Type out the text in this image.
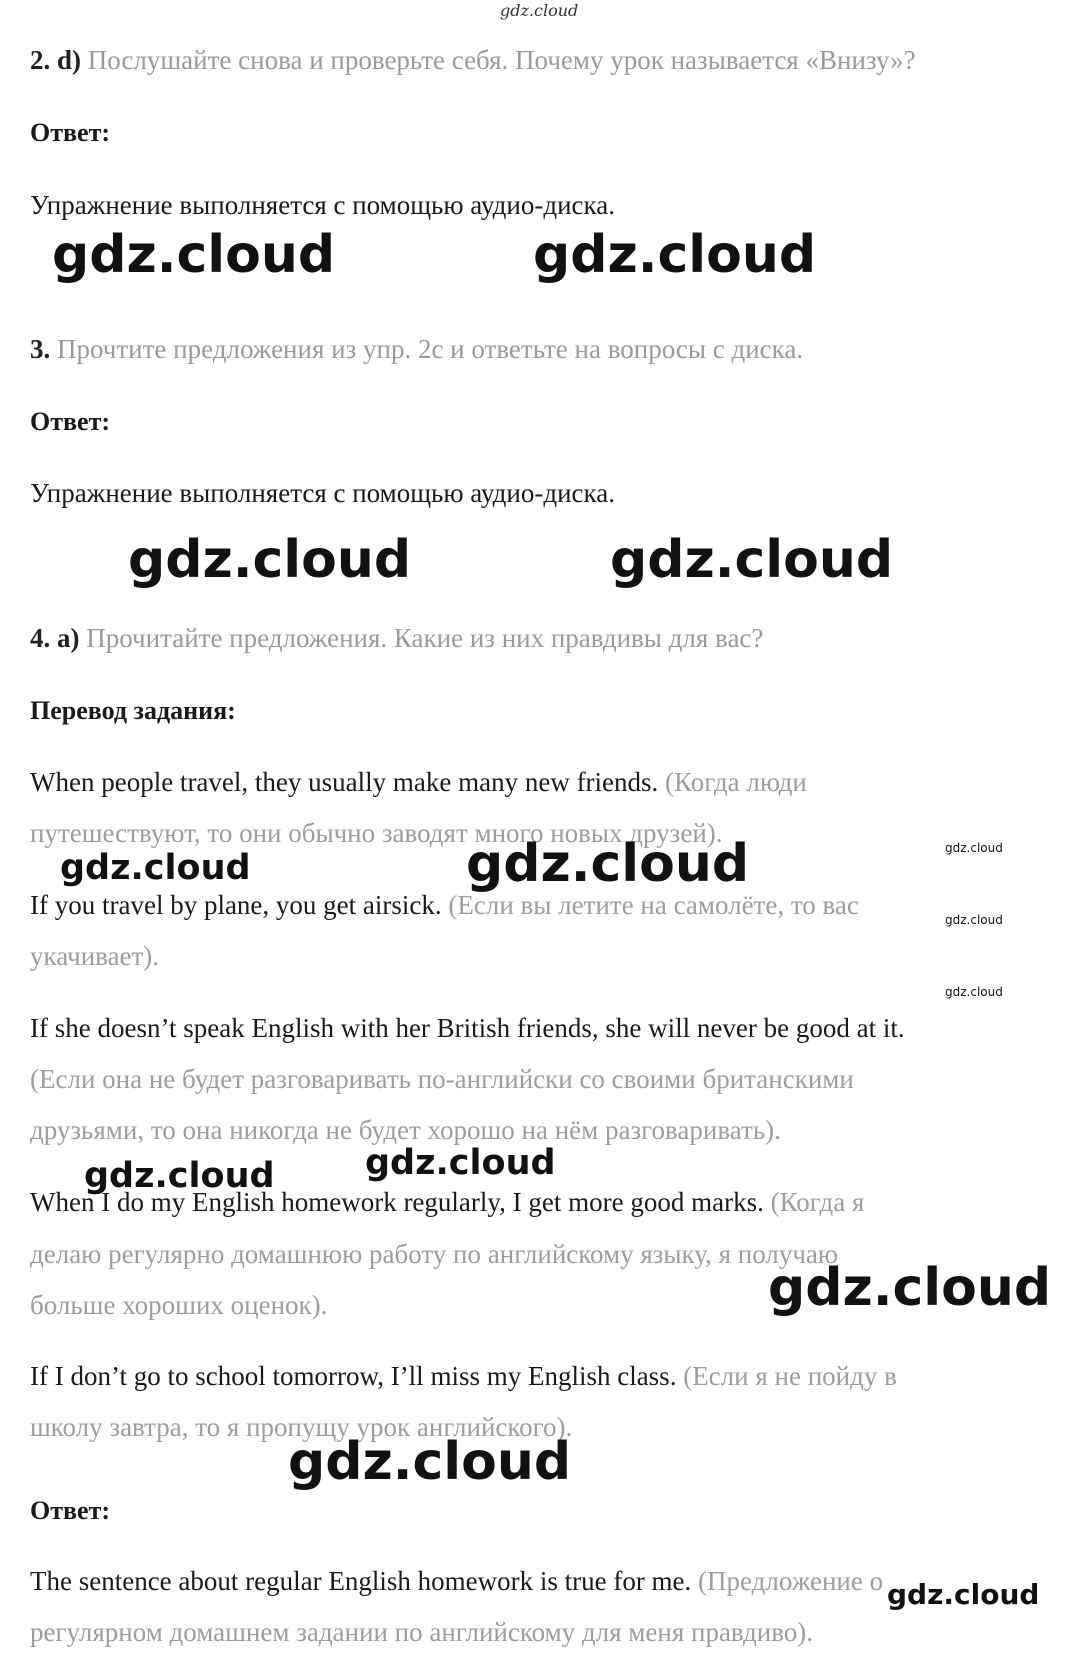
gdz.cloud
2. d) Послушайте снова и проверьте себя. Почему урок называется «Внизу»?
Ответ:
Упражнение выполняется с помощью аудио-диска.
gdz.cloud	gdz.cloud
3. Прочтите предложения из упр. 2с и ответьте на вопросы с диска.
Ответ:
Упражнение выполняется с помощью аудио-диска.
gdz.cloud	gdz.cloud
4. a) Прочитайте предложения. Какие из них правдивы для вас?
Перевод задания:
When people travel, they usually make many new friends. (Когда люди
путешествуют, то они обычно заводят много новых друзей).
gdz.cloud	gdz.cloud	gdz.cloud
If you travel by plane, you get airsick. (Если вы летите на самолёте, то вас	gdz.cloud
укачивает).
gdz.cloud
If she doesn’t speak English with her British friends, she will never be good at it.
(Если она не будет разговаривать по-английски со своими британскими
друзьями, то она никогда не будет хорошо на нём разговаривать).
gdz.cloud	gdz.cloud
When I do my English homework regularly, I get more good marks. (Когда я
делаю регулярно домашнюю работу по английскому языку, я получаю
больше хороших оценок).	gdz.cloud
If I don’t go to school tomorrow, I’ll miss my English class. (Если я не пойду в
школу завтра, то я пропущу урок английского).
gdz.cloud
Ответ:
The sentence about regular English homework is true for me. (Предложение о gdz.cloud
регулярном домашнем задании по английскому для меня правдиво).
